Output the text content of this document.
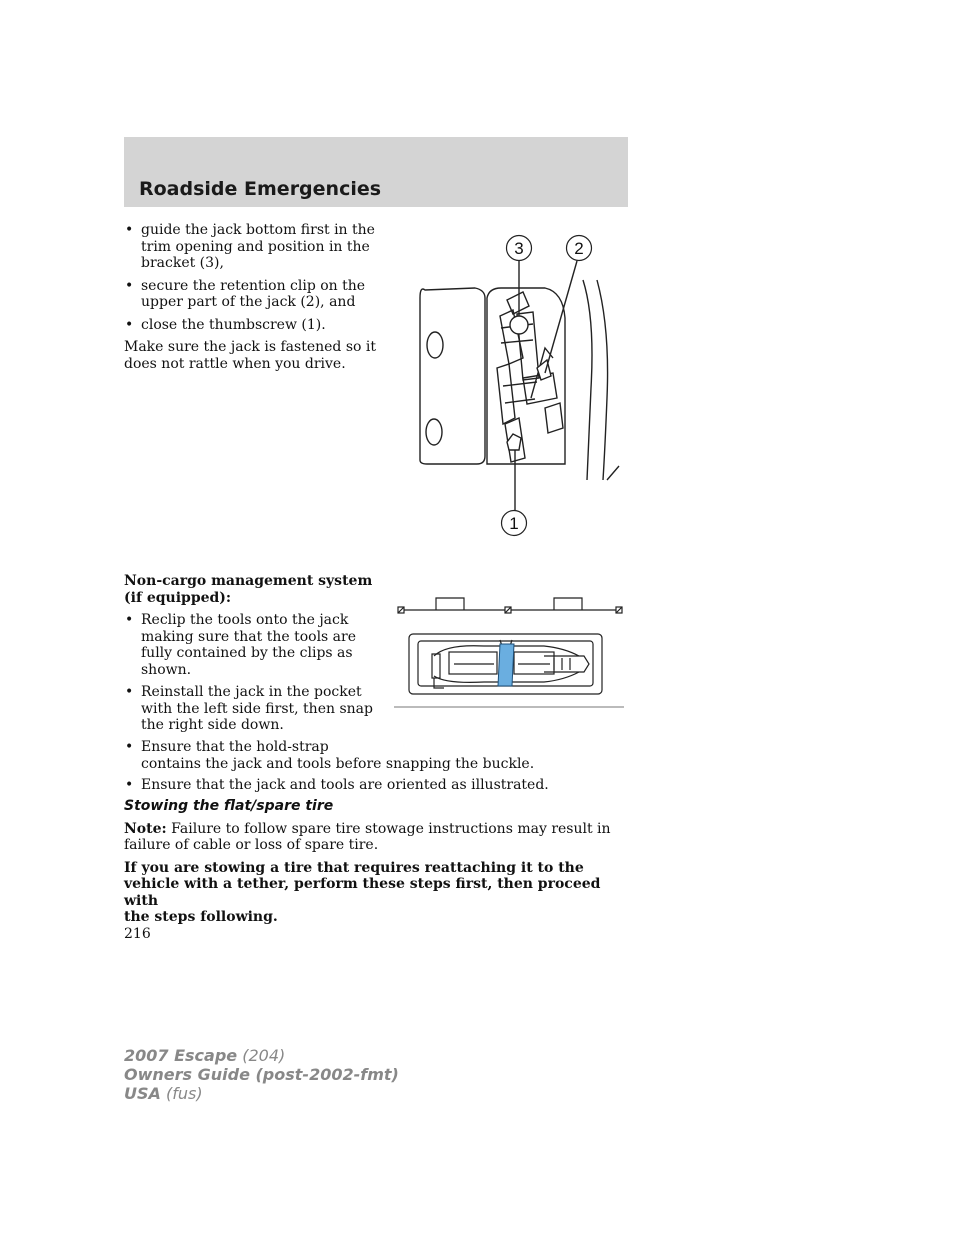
Roadside Emergencies
• guide the jack bottom first in the
trim opening and position in the
bracket (3),
• secure the retention clip on the
upper part of the jack (2), and
• close the thumbscrew (1).

Make sure the jack is fastened so it
does not rattle when you drive.

3	2
1

Non-cargo management system
(if equipped):

• Reclip the tools onto the jack
making sure that the tools are
fully contained by the clips as
shown.
• Reinstall the jack in the pocket
with the left side first, then snap
the right side down.
• Ensure that the hold-strap
contains the jack and tools before snapping the buckle.
• Ensure that the jack and tools are oriented as illustrated.

Stowing the flat/spare tire

Note: Failure to follow spare tire stowage instructions may result in
failure of cable or loss of spare tire.

If you are stowing a tire that requires reattaching it to the
vehicle with a tether, perform these steps first, then proceed with
the steps following.

216
2007 Escape (204)
Owners Guide (post-2002-fmt)
USA (fus)
